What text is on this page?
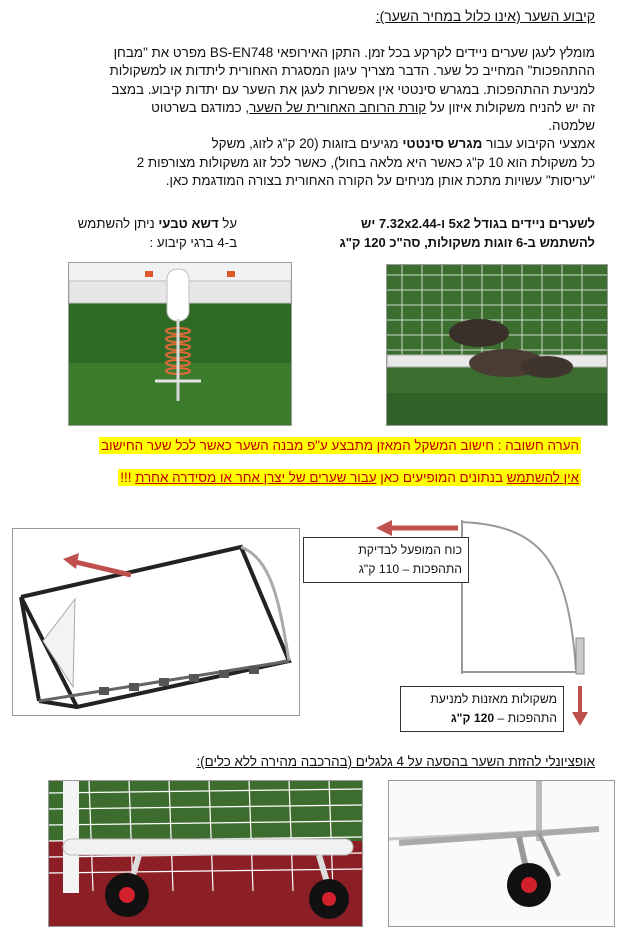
קיבוע השער (אינו כלול במחיר השער):

מומלץ לעגן שערים ניידים לקרקע בכל זמן. התקן האירופאי BS-EN748 מפרט את "מבחן

ההתהפכות" המחייב כל שער. הדבר מצריך עיגון המסגרת האחורית ליתדות או למשקולות

למניעת ההתהפכות. במגרש סינטטי אין אפשרות לעגן את השער עם יתדות קיבוע. במצב

זה יש להניח משקולות איזון על קורת הרוחב האחורית של השער, כמודגם בשרטוט

שלמטה.

אמצעי הקיבוע עבור מגרש סינטטי מגיעים בזוגות (20 ק"ג לזוג, משקל

כל משקולת הוא 10 ק"ג כאשר היא מלאה בחול), כאשר לכל זוג משקולות מצורפות 2

"עריסות" עשויות מתכת אותן מניחים על הקורה האחורית בצורה המודגמת כאן.

על דשא טבעי ניתן להשתמש
ב-4 ברגי קיבוע :
לשערים ניידים בגודל 5x2 ו-7.32x2.44 יש
להשתמש ב-6 זוגות משקולות, סה"כ 120 ק"ג
הערה חשובה : חישוב המשקל המאזן מתבצע ע"פ מבנה השער כאשר לכל שער החישוב
אין להשתמש בנתונים המופיעים כאן עבור שערים של יצרן אחר או מסידרה אחרת !!!
כוח המופעל לבדיקת
התהפכות – 110 ק"ג
משקולות מאזנות למניעת
התהפכות – 120 ק"ג
אופציונלי להזזת השער בהסעה על 4 גלגלים (בהרכבה מהירה ללא כלים):
